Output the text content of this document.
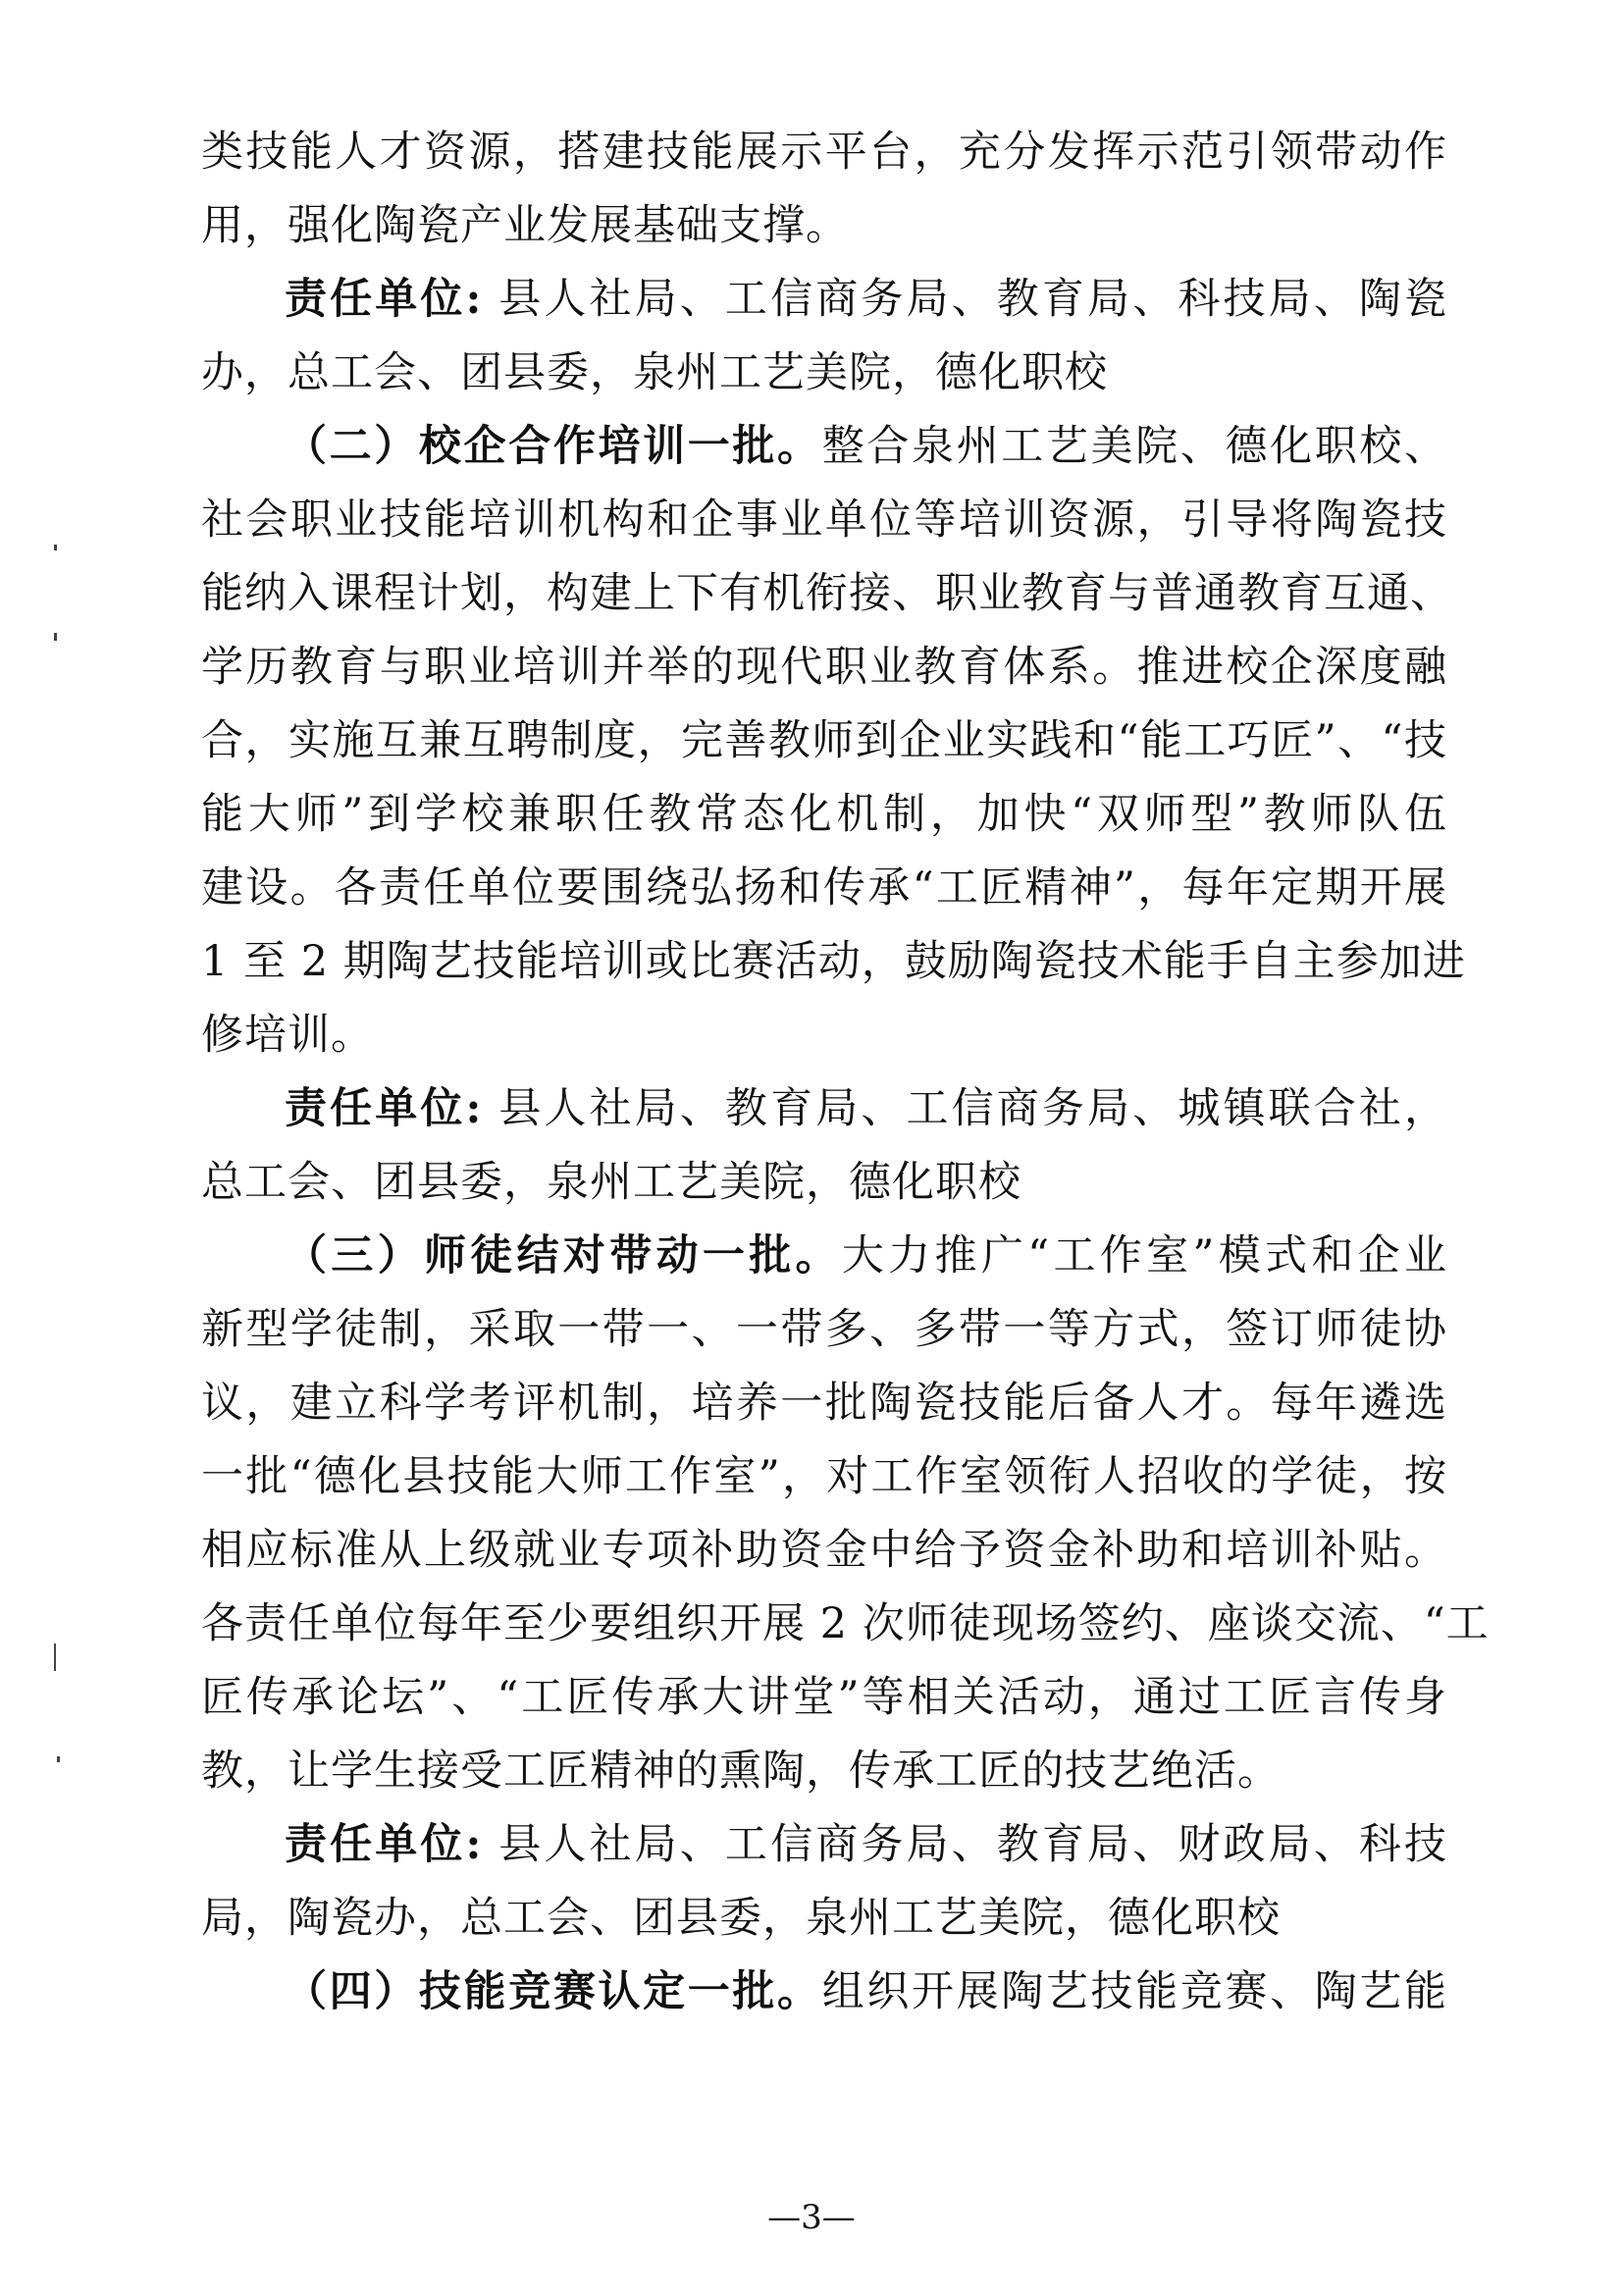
类技能人才资源，搭建技能展示平台，充分发挥示范引领带动作
用，强化陶瓷产业发展基础支撑。
责任单位: 县人社局、工信商务局、教育局、科技局、陶瓷
办，总工会、团县委，泉州工艺美院，德化职校
（二）校企合作培训一批。整合泉州工艺美院、德化职校、
社会职业技能培训机构和企事业单位等培训资源，引导将陶瓷技
能纳入课程计划，构建上下有机衔接、职业教育与普通教育互通、
学历教育与职业培训并举的现代职业教育体系。推进校企深度融
合，实施互兼互聘制度，完善教师到企业实践和“能工巧匠”、“技
能大师”到学校兼职任教常态化机制，加快“双师型”教师队伍
建设。各责任单位要围绕弘扬和传承“工匠精神”，每年定期开展
1 至 2 期陶艺技能培训或比赛活动，鼓励陶瓷技术能手自主参加进
修培训。
责任单位: 县人社局、教育局、工信商务局、城镇联合社，
总工会、团县委，泉州工艺美院，德化职校
（三）师徒结对带动一批。大力推广“工作室”模式和企业
新型学徒制，采取一带一、一带多、多带一等方式，签订师徒协
议，建立科学考评机制，培养一批陶瓷技能后备人才。每年遴选
一批“德化县技能大师工作室”，对工作室领衔人招收的学徒，按
相应标准从上级就业专项补助资金中给予资金补助和培训补贴。
各责任单位每年至少要组织开展 2 次师徒现场签约、座谈交流、“工
匠传承论坛”、“工匠传承大讲堂”等相关活动，通过工匠言传身
教，让学生接受工匠精神的熏陶，传承工匠的技艺绝活。
责任单位: 县人社局、工信商务局、教育局、财政局、科技
局，陶瓷办，总工会、团县委，泉州工艺美院，德化职校
（四）技能竞赛认定一批。组织开展陶艺技能竞赛、陶艺能
—3—
